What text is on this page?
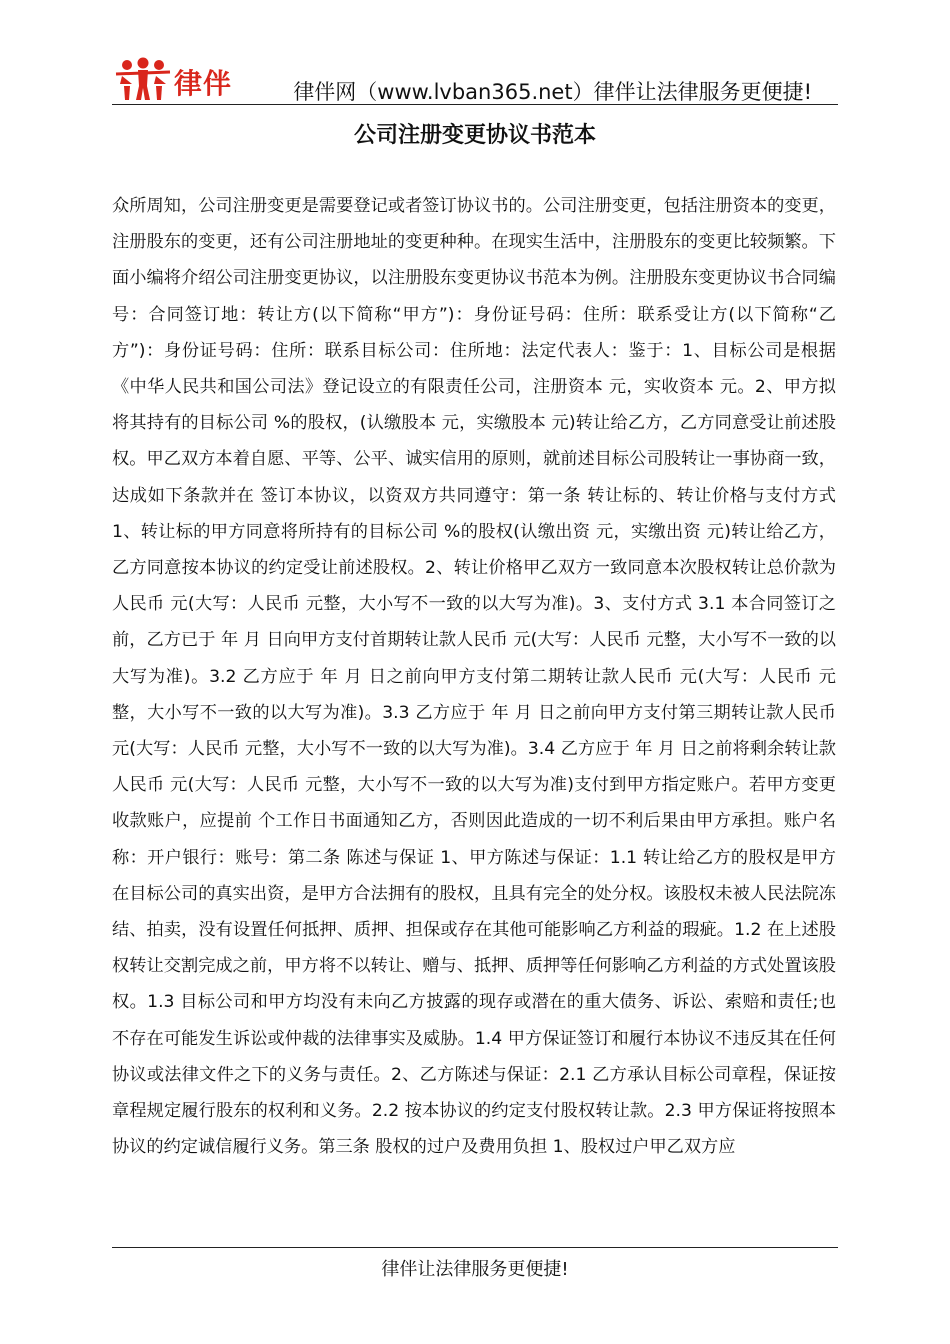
律伴	律伴网（www.lvban365.net）律伴让法律服务更便捷!
公司注册变更协议书范本

众所周知，公司注册变更是需要登记或者签订协议书的。公司注册变更，包括注册资本的变更，注册股东的变更，还有公司注册地址的变更种种。在现实生活中，注册股东的变更比较频繁。下面小编将介绍公司注册变更协议，以注册股东变更协议书范本为例。注册股东变更协议书合同编号：合同签订地：转让方(以下简称“甲方”)：身份证号码：住所：联系受让方(以下简称“乙方”)：身份证号码：住所：联系目标公司：住所地：法定代表人：鉴于：1、目标公司是根据《中华人民共和国公司法》登记设立的有限责任公司，注册资本 元，实收资本 元。2、甲方拟将其持有的目标公司 %的股权，(认缴股本 元，实缴股本 元)转让给乙方，乙方同意受让前述股权。甲乙双方本着自愿、平等、公平、诚实信用的原则，就前述目标公司股转让一事协商一致，达成如下条款并在 签订本协议，以资双方共同遵守：第一条 转让标的、转让价格与支付方式 1、转让标的甲方同意将所持有的目标公司 %的股权(认缴出资 元，实缴出资 元)转让给乙方，乙方同意按本协议的约定受让前述股权。2、转让价格甲乙双方一致同意本次股权转让总价款为人民币 元(大写：人民币 元整，大小写不一致的以大写为准)。3、支付方式 3.1 本合同签订之前，乙方已于 年 月 日向甲方支付首期转让款人民币 元(大写：人民币 元整，大小写不一致的以大写为准)。3.2 乙方应于 年 月 日之前向甲方支付第二期转让款人民币 元(大写：人民币 元整，大小写不一致的以大写为准)。3.3 乙方应于 年 月 日之前向甲方支付第三期转让款人民币 元(大写：人民币 元整，大小写不一致的以大写为准)。3.4 乙方应于 年 月 日之前将剩余转让款人民币 元(大写：人民币 元整，大小写不一致的以大写为准)支付到甲方指定账户。若甲方变更收款账户，应提前 个工作日书面通知乙方，否则因此造成的一切不利后果由甲方承担。账户名称：开户银行：账号：第二条 陈述与保证 1、甲方陈述与保证：1.1 转让给乙方的股权是甲方在目标公司的真实出资，是甲方合法拥有的股权，且具有完全的处分权。该股权未被人民法院冻结、拍卖，没有设置任何抵押、质押、担保或存在其他可能影响乙方利益的瑕疵。1.2 在上述股权转让交割完成之前，甲方将不以转让、赠与、抵押、质押等任何影响乙方利益的方式处置该股权。1.3 目标公司和甲方均没有未向乙方披露的现存或潜在的重大债务、诉讼、索赔和责任;也不存在可能发生诉讼或仲裁的法律事实及威胁。1.4 甲方保证签订和履行本协议不违反其在任何协议或法律文件之下的义务与责任。2、乙方陈述与保证：2.1 乙方承认目标公司章程，保证按章程规定履行股东的权利和义务。2.2 按本协议的约定支付股权转让款。2.3 甲方保证将按照本协议的约定诚信履行义务。第三条 股权的过户及费用负担 1、股权过户甲乙双方应

律伴让法律服务更便捷!
